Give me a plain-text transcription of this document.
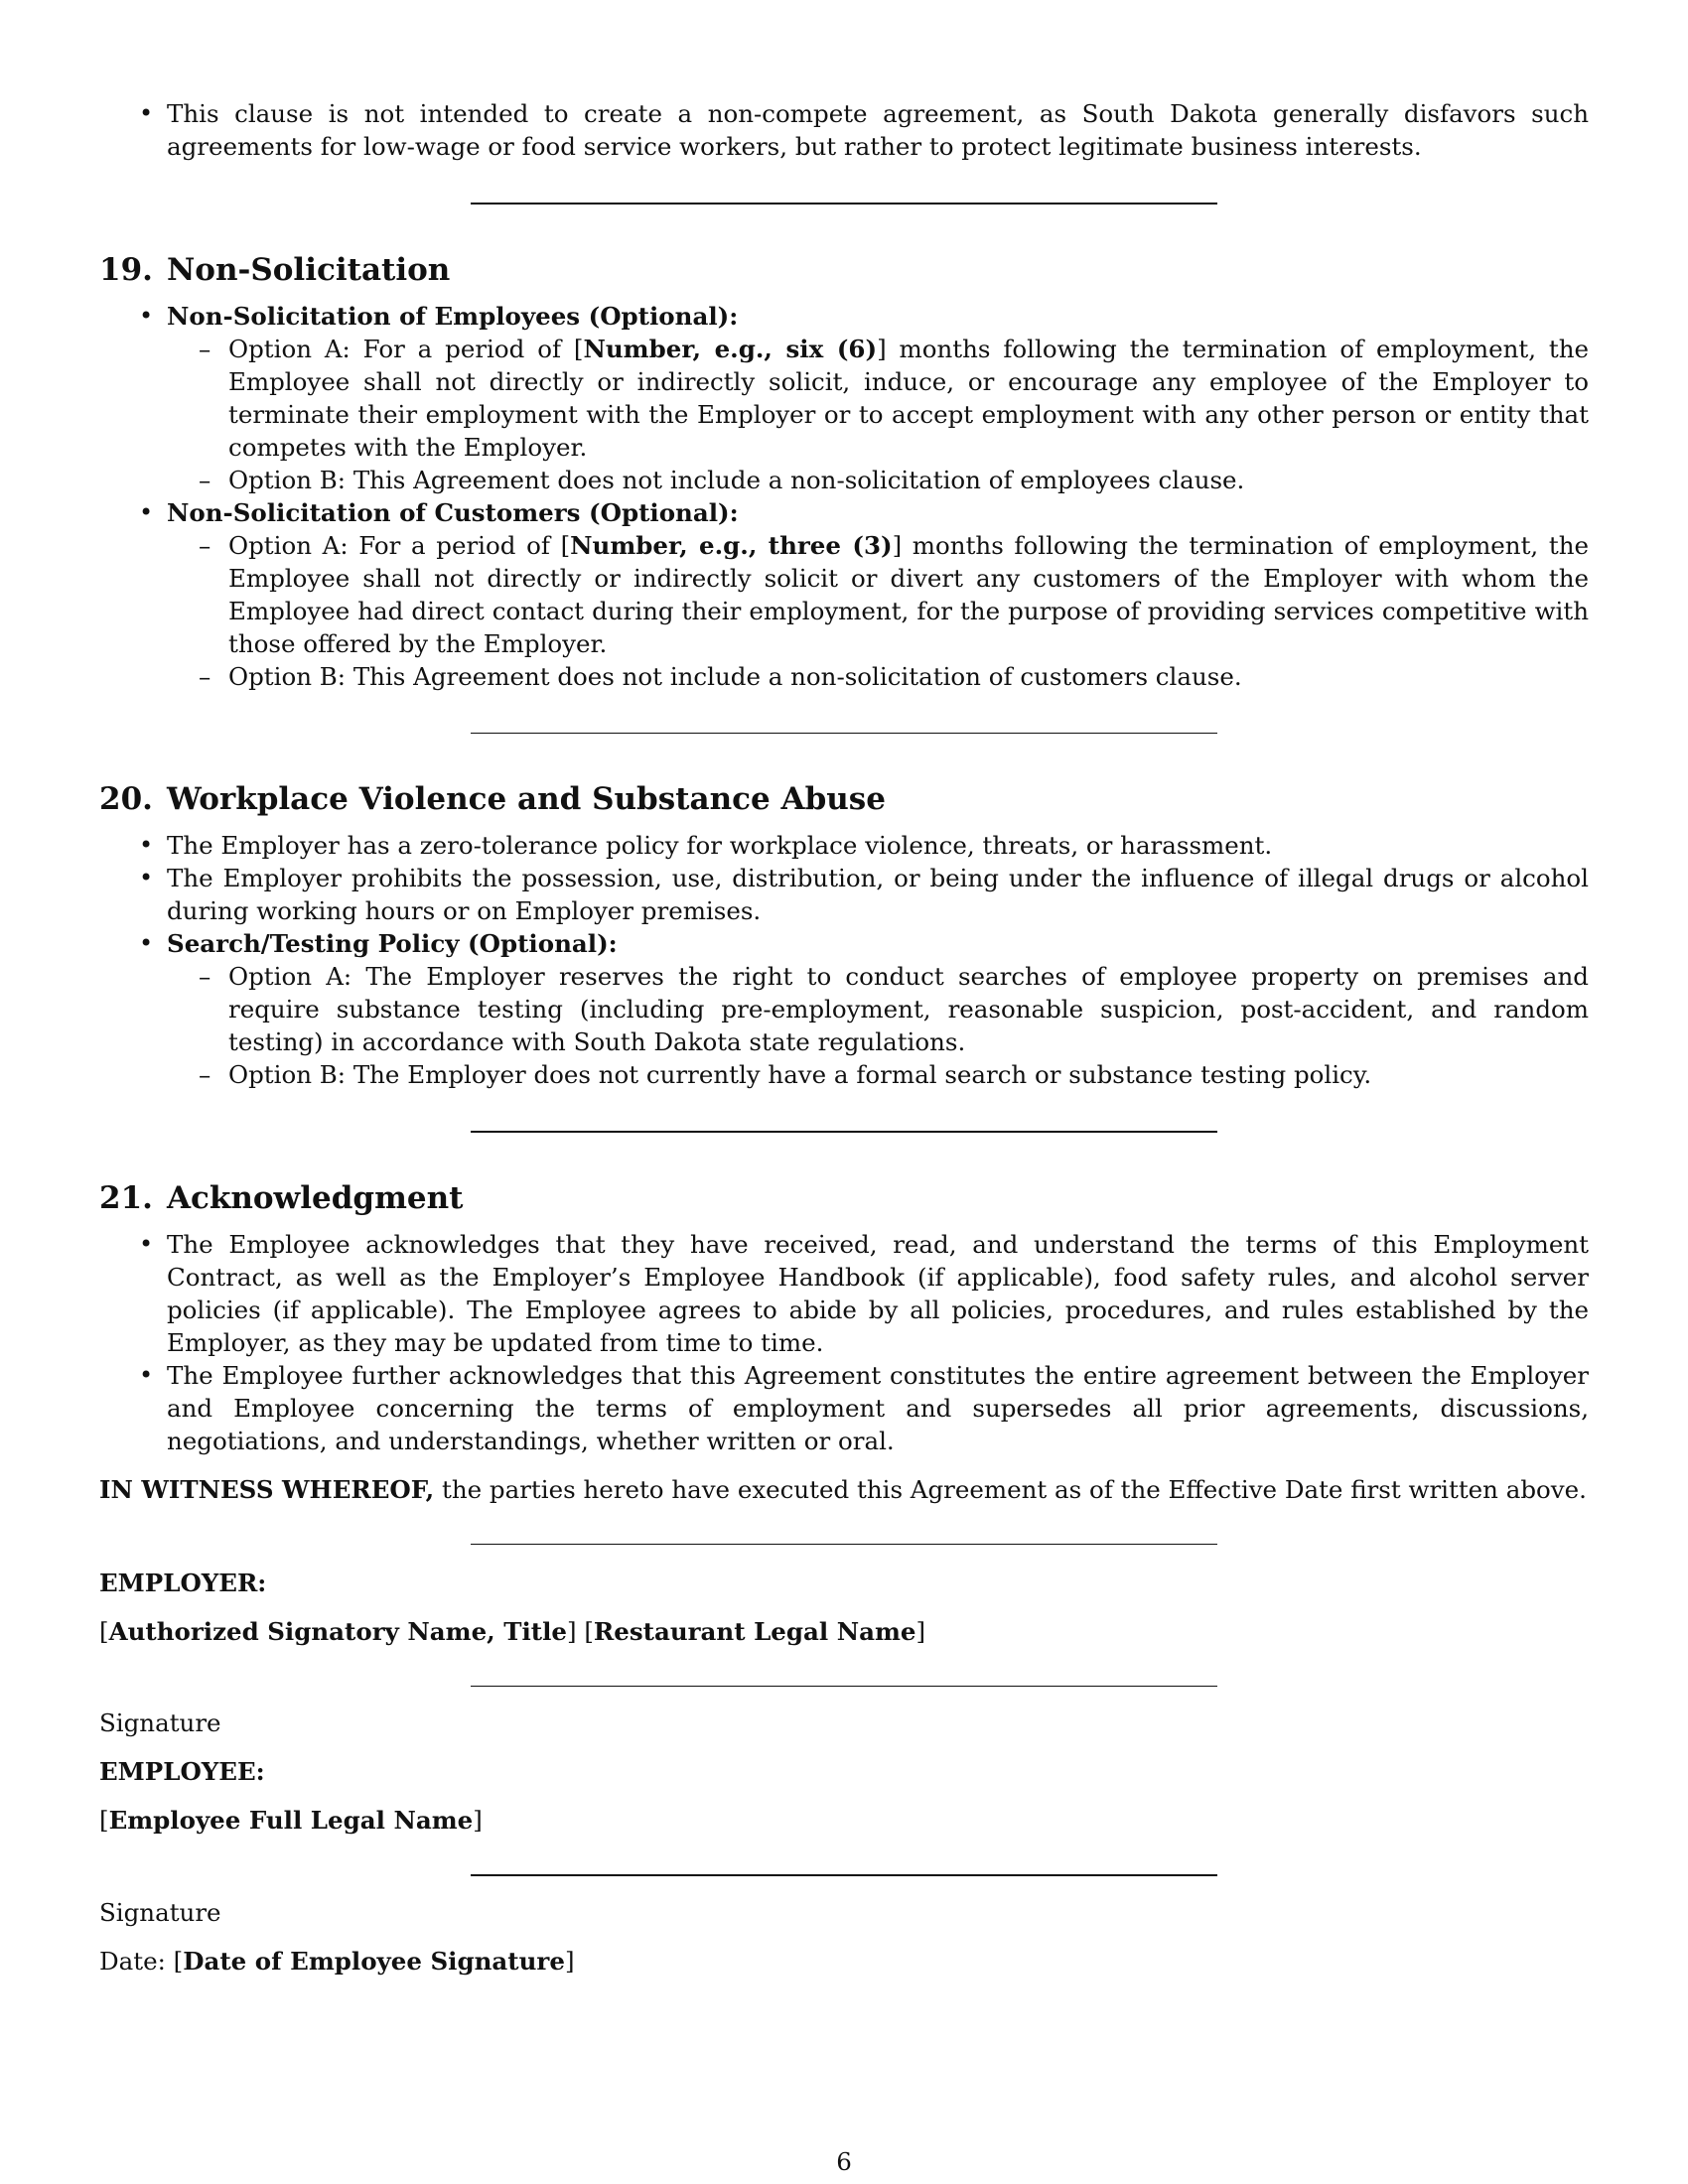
• This clause is not intended to create a non-compete agreement, as South Dakota generally disfavors such agreements for low-wage or food service workers, but rather to protect legitimate business interests.
19. Non-Solicitation
• Non-Solicitation of Employees (Optional):
– Option A: For a period of [Number, e.g., six (6)] months following the termination of employment, the Employee shall not directly or indirectly solicit, induce, or encourage any employee of the Employer to terminate their employment with the Employer or to accept employment with any other person or entity that competes with the Employer.
– Option B: This Agreement does not include a non-solicitation of employees clause.
• Non-Solicitation of Customers (Optional):
– Option A: For a period of [Number, e.g., three (3)] months following the termination of employment, the Employee shall not directly or indirectly solicit or divert any customers of the Employer with whom the Employee had direct contact during their employment, for the purpose of providing services competitive with those offered by the Employer.
– Option B: This Agreement does not include a non-solicitation of customers clause.
20. Workplace Violence and Substance Abuse
• The Employer has a zero-tolerance policy for workplace violence, threats, or harassment.
• The Employer prohibits the possession, use, distribution, or being under the influence of illegal drugs or alcohol during working hours or on Employer premises.
• Search/Testing Policy (Optional):
– Option A: The Employer reserves the right to conduct searches of employee property on premises and require substance testing (including pre-employment, reasonable suspicion, post-accident, and random testing) in accordance with South Dakota state regulations.
– Option B: The Employer does not currently have a formal search or substance testing policy.
21. Acknowledgment
• The Employee acknowledges that they have received, read, and understand the terms of this Employment Contract, as well as the Employer’s Employee Handbook (if applicable), food safety rules, and alcohol server policies (if applicable). The Employee agrees to abide by all policies, procedures, and rules established by the Employer, as they may be updated from time to time.
• The Employee further acknowledges that this Agreement constitutes the entire agreement between the Employer and Employee concerning the terms of employment and supersedes all prior agreements, discussions, negotiations, and understandings, whether written or oral.

IN WITNESS WHEREOF, the parties hereto have executed this Agreement as of the Effective Date first written above.

EMPLOYER:

[Authorized Signatory Name, Title] [Restaurant Legal Name]

Signature

EMPLOYEE:

[Employee Full Legal Name]

Signature

Date: [Date of Employee Signature]

6
